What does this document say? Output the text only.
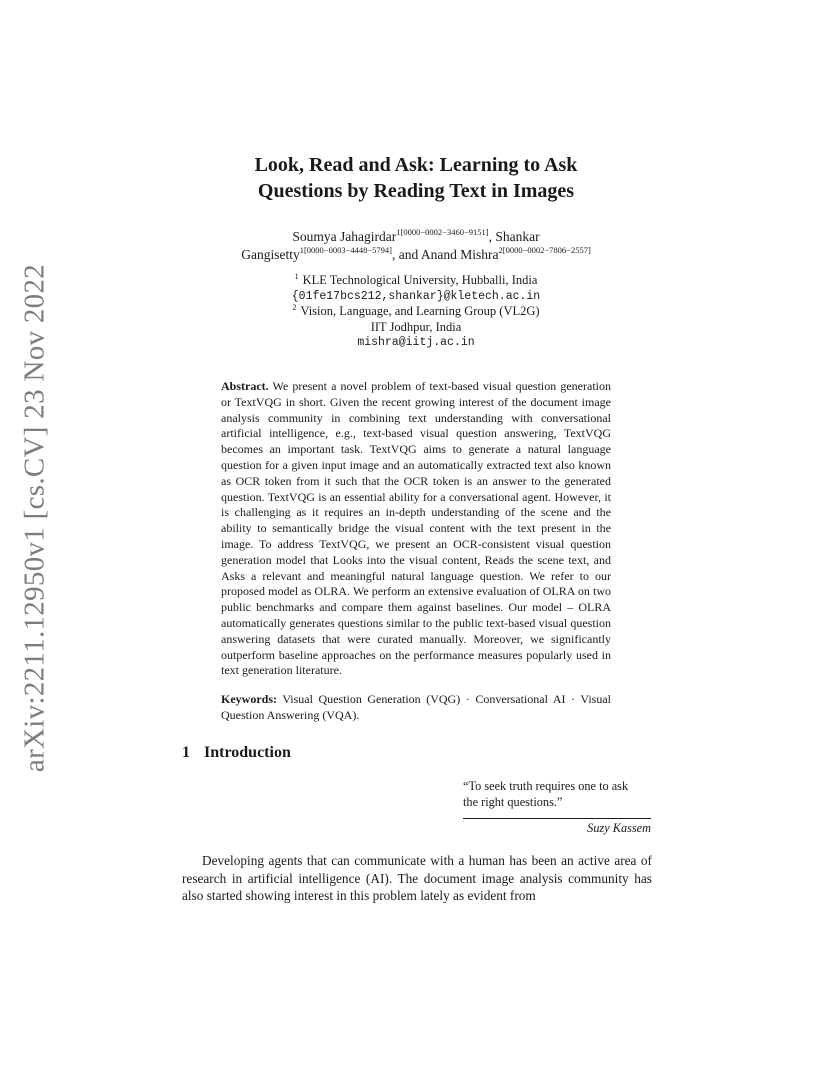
arXiv:2211.12950v1 [cs.CV] 23 Nov 2022
Look, Read and Ask: Learning to Ask
Questions by Reading Text in Images
Soumya Jahagirdar$^{1[0000-0002-3460-9151]}$, Shankar
Gangisetty$^{1[0000-0003-4448-5794]}$, and Anand Mishra$^{2[0000-0002-7806-2557]}$
$^1$ KLE Technological University, Hubballi, India
{01fe17bcs212,shankar}@kletech.ac.in
$^2$ Vision, Language, and Learning Group (VL2G)
IIT Jodhpur, India
mishra@iitj.ac.in

Abstract. We present a novel problem of text-based visual question generation or TextVQG in short. Given the recent growing interest of the document image analysis community in combining text understanding with conversational artificial intelligence, e.g., text-based visual question answering, TextVQG becomes an important task. TextVQG aims to generate a natural language question for a given input image and an automatically extracted text also known as OCR token from it such that the OCR token is an answer to the generated question. TextVQG is an essential ability for a conversational agent. However, it is challenging as it requires an in-depth understanding of the scene and the ability to semantically bridge the visual content with the text present in the image. To address TextVQG, we present an OCR-consistent visual question generation model that Looks into the visual content, Reads the scene text, and Asks a relevant and meaningful natural language question. We refer to our proposed model as OLRA. We perform an extensive evaluation of OLRA on two public benchmarks and compare them against baselines. Our model – OLRA automatically generates questions similar to the public text-based visual question answering datasets that were curated manually. Moreover, we significantly outperform baseline approaches on the performance measures popularly used in text generation literature.

Keywords: Visual Question Generation (VQG) · Conversational AI · Visual Question Answering (VQA).

1 Introduction
“To seek truth requires one to ask
the right questions.”
Suzy Kassem

Developing agents that can communicate with a human has been an active area of research in artificial intelligence (AI). The document image analysis community has also started showing interest in this problem lately as evident from
